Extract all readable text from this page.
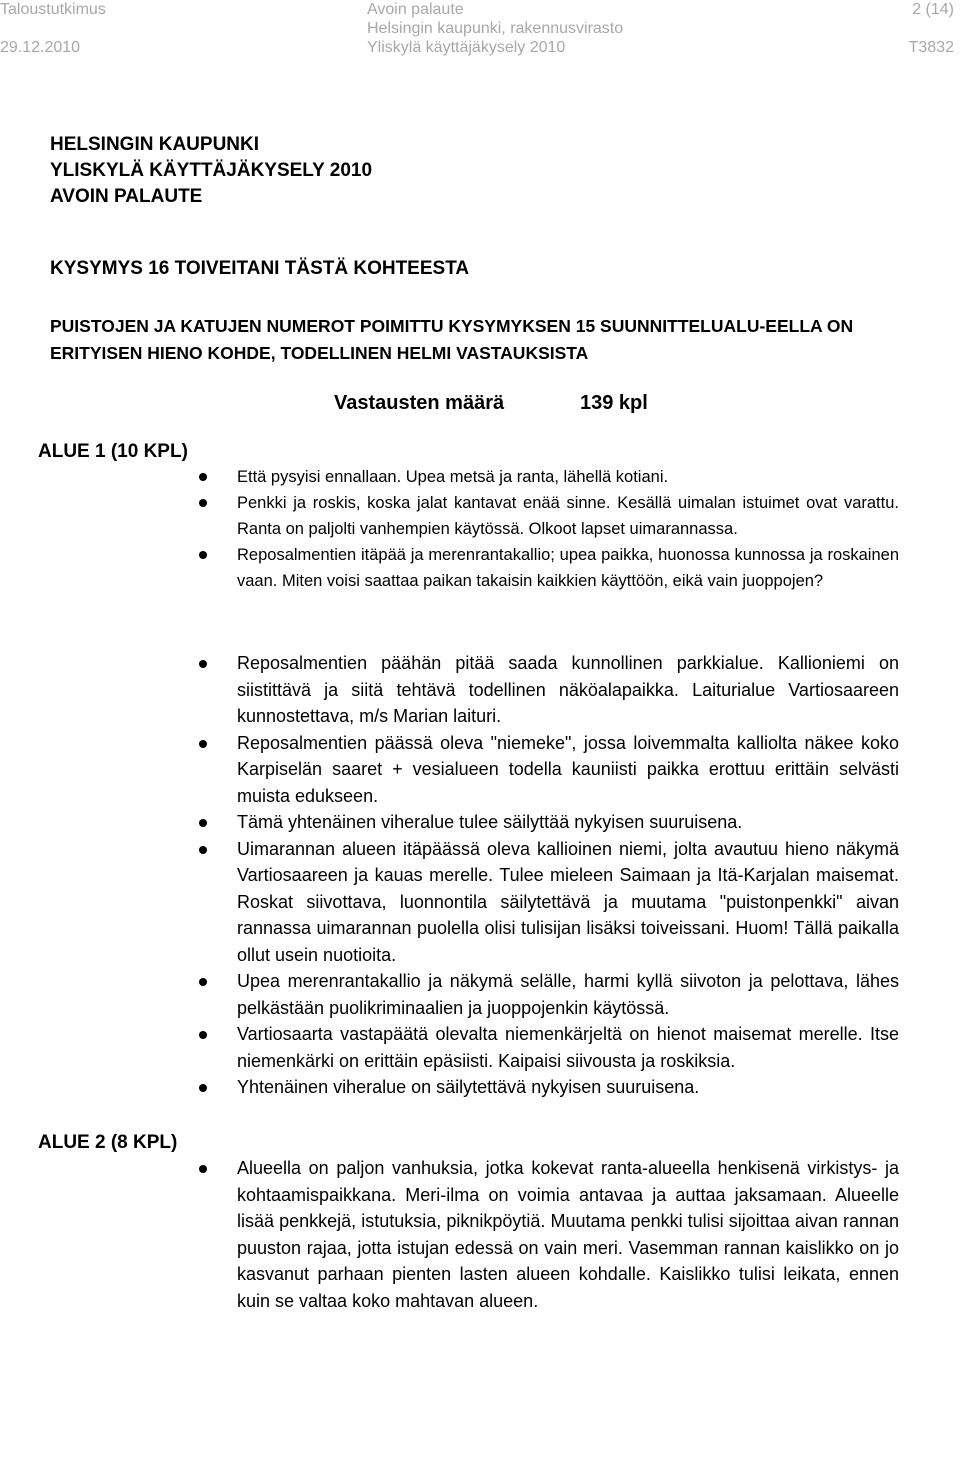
Taloustutkimus
29.12.2010
Avoin palaute
Helsingin kaupunki, rakennusvirasto
Yliskylä käyttäjäkysely 2010
2 (14)
T3832
HELSINGIN KAUPUNKI
YLISKYLÄ KÄYTTÄJÄKYSELY 2010
AVOIN PALAUTE
KYSYMYS 16 TOIVEITANI TÄSTÄ KOHTEESTA
PUISTOJEN JA KATUJEN NUMEROT POIMITTU KYSYMYKSEN 15 SUUNNITTELUALU-EELLA ON ERITYISEN HIENO KOHDE, TODELLINEN HELMI VASTAUKSISTA
Vastausten määrä	139 kpl
ALUE 1 (10 KPL)
Että pysyisi ennallaan. Upea metsä ja ranta, lähellä kotiani.
Penkki ja roskis, koska jalat kantavat enää sinne. Kesällä uimalan istuimet ovat varattu. Ranta on paljolti vanhempien käytössä. Olkoot lapset uimarannassa.
Reposalmentien itäpää ja merenrantakallio; upea paikka, huonossa kunnossa ja roskainen vaan. Miten voisi saattaa paikan takaisin kaikkien käyttöön, eikä vain juoppojen?
Reposalmentien päähän pitää saada kunnollinen parkkialue. Kallioniemi on siistittävä ja siitä tehtävä todellinen näköalapaikka. Laiturialue Vartiosaareen kunnostettava, m/s Marian laituri.
Reposalmentien päässä oleva "niemeke", jossa loivemmalta kalliolta näkee koko Karpiselän saaret + vesialueen todella kauniisti paikka erottuu erittäin selvästi muista edukseen.
Tämä yhtenäinen viheralue tulee säilyttää nykyisen suuruisena.
Uimarannan alueen itäpäässä oleva kallioinen niemi, jolta avautuu hieno näkymä Vartiosaareen ja kauas merelle. Tulee mieleen Saimaan ja Itä-Karjalan maisemat. Roskat siivottava, luonnontila säilytettävä ja muutama "puistonpenkki" aivan rannassa uimarannan puolella olisi tulisijan lisäksi toiveissani. Huom! Tällä paikalla ollut usein nuotioita.
Upea merenrantakallio ja näkymä selälle, harmi kyllä siivoton ja pelottava, lähes pelkästään puolikriminaalien ja juoppojenkin käytössä.
Vartiosaarta vastapäätä olevalta niemenkärjeltä on hienot maisemat merelle. Itse niemenkärki on erittäin epäsiisti. Kaipaisi siivousta ja roskiksia.
Yhtenäinen viheralue on säilytettävä nykyisen suuruisena.
ALUE 2 (8 KPL)
Alueella on paljon vanhuksia, jotka kokevat ranta-alueella henkisenä virkistys- ja kohtaamispaikkana. Meri-ilma on voimia antavaa ja auttaa jaksamaan. Alueelle lisää penkkejä, istutuksia, piknikpöytiä. Muutama penkki tulisi sijoittaa aivan rannan puuston rajaa, jotta istujan edessä on vain meri. Vasemman rannan kaislikko on jo kasvanut parhaan pienten lasten alueen kohdalle. Kaislikko tulisi leikata, ennen kuin se valtaa koko mahtavan alueen.
